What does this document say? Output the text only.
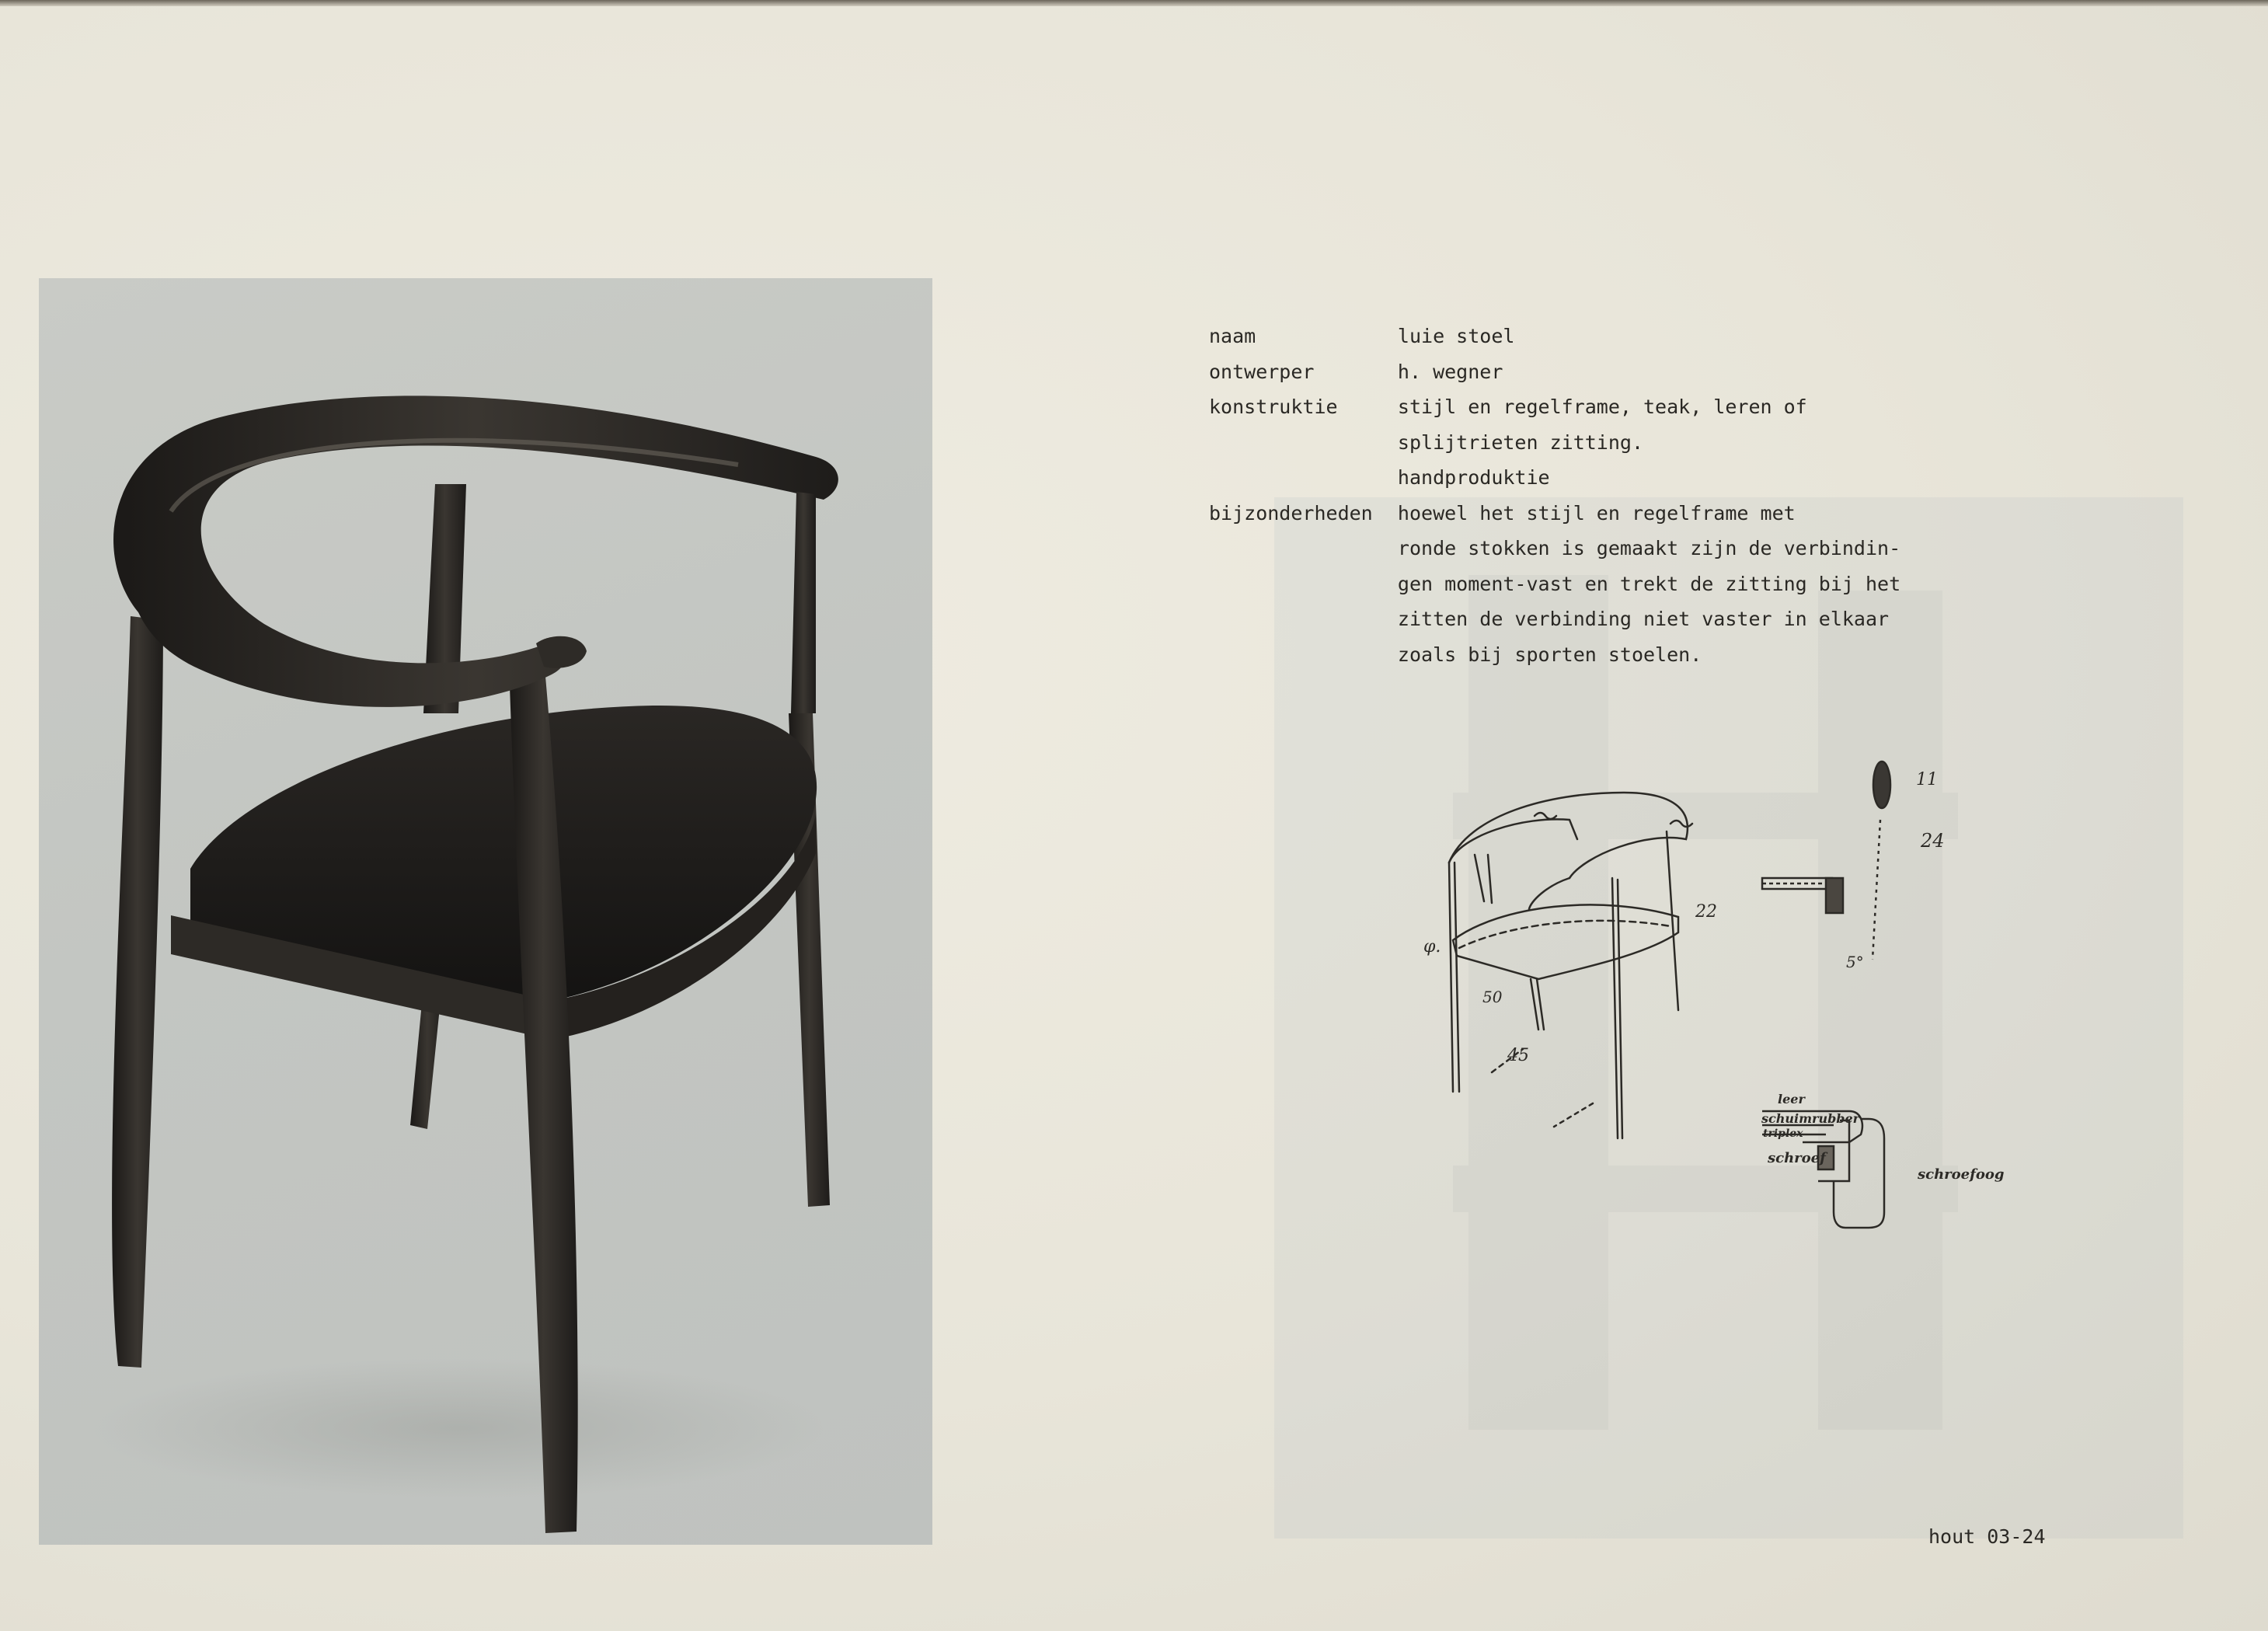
naam	luie stoel
ontwerper	h. wegner
konstruktie	stijl en regelframe, teak, leren of
splijtrieten zitting.
handproduktie
bijzonderheden	hoewel het stijl en regelframe met
ronde stokken is gemaakt zijn de verbindin-
gen moment-vast en trekt de zitting bij het
zitten de verbinding niet vaster in elkaar
zoals bij sporten stoelen.
11
24
22
50
45
φ.
5°
leer
schuimrubber
triplex
schroef
schroefoog
hout 03-24
